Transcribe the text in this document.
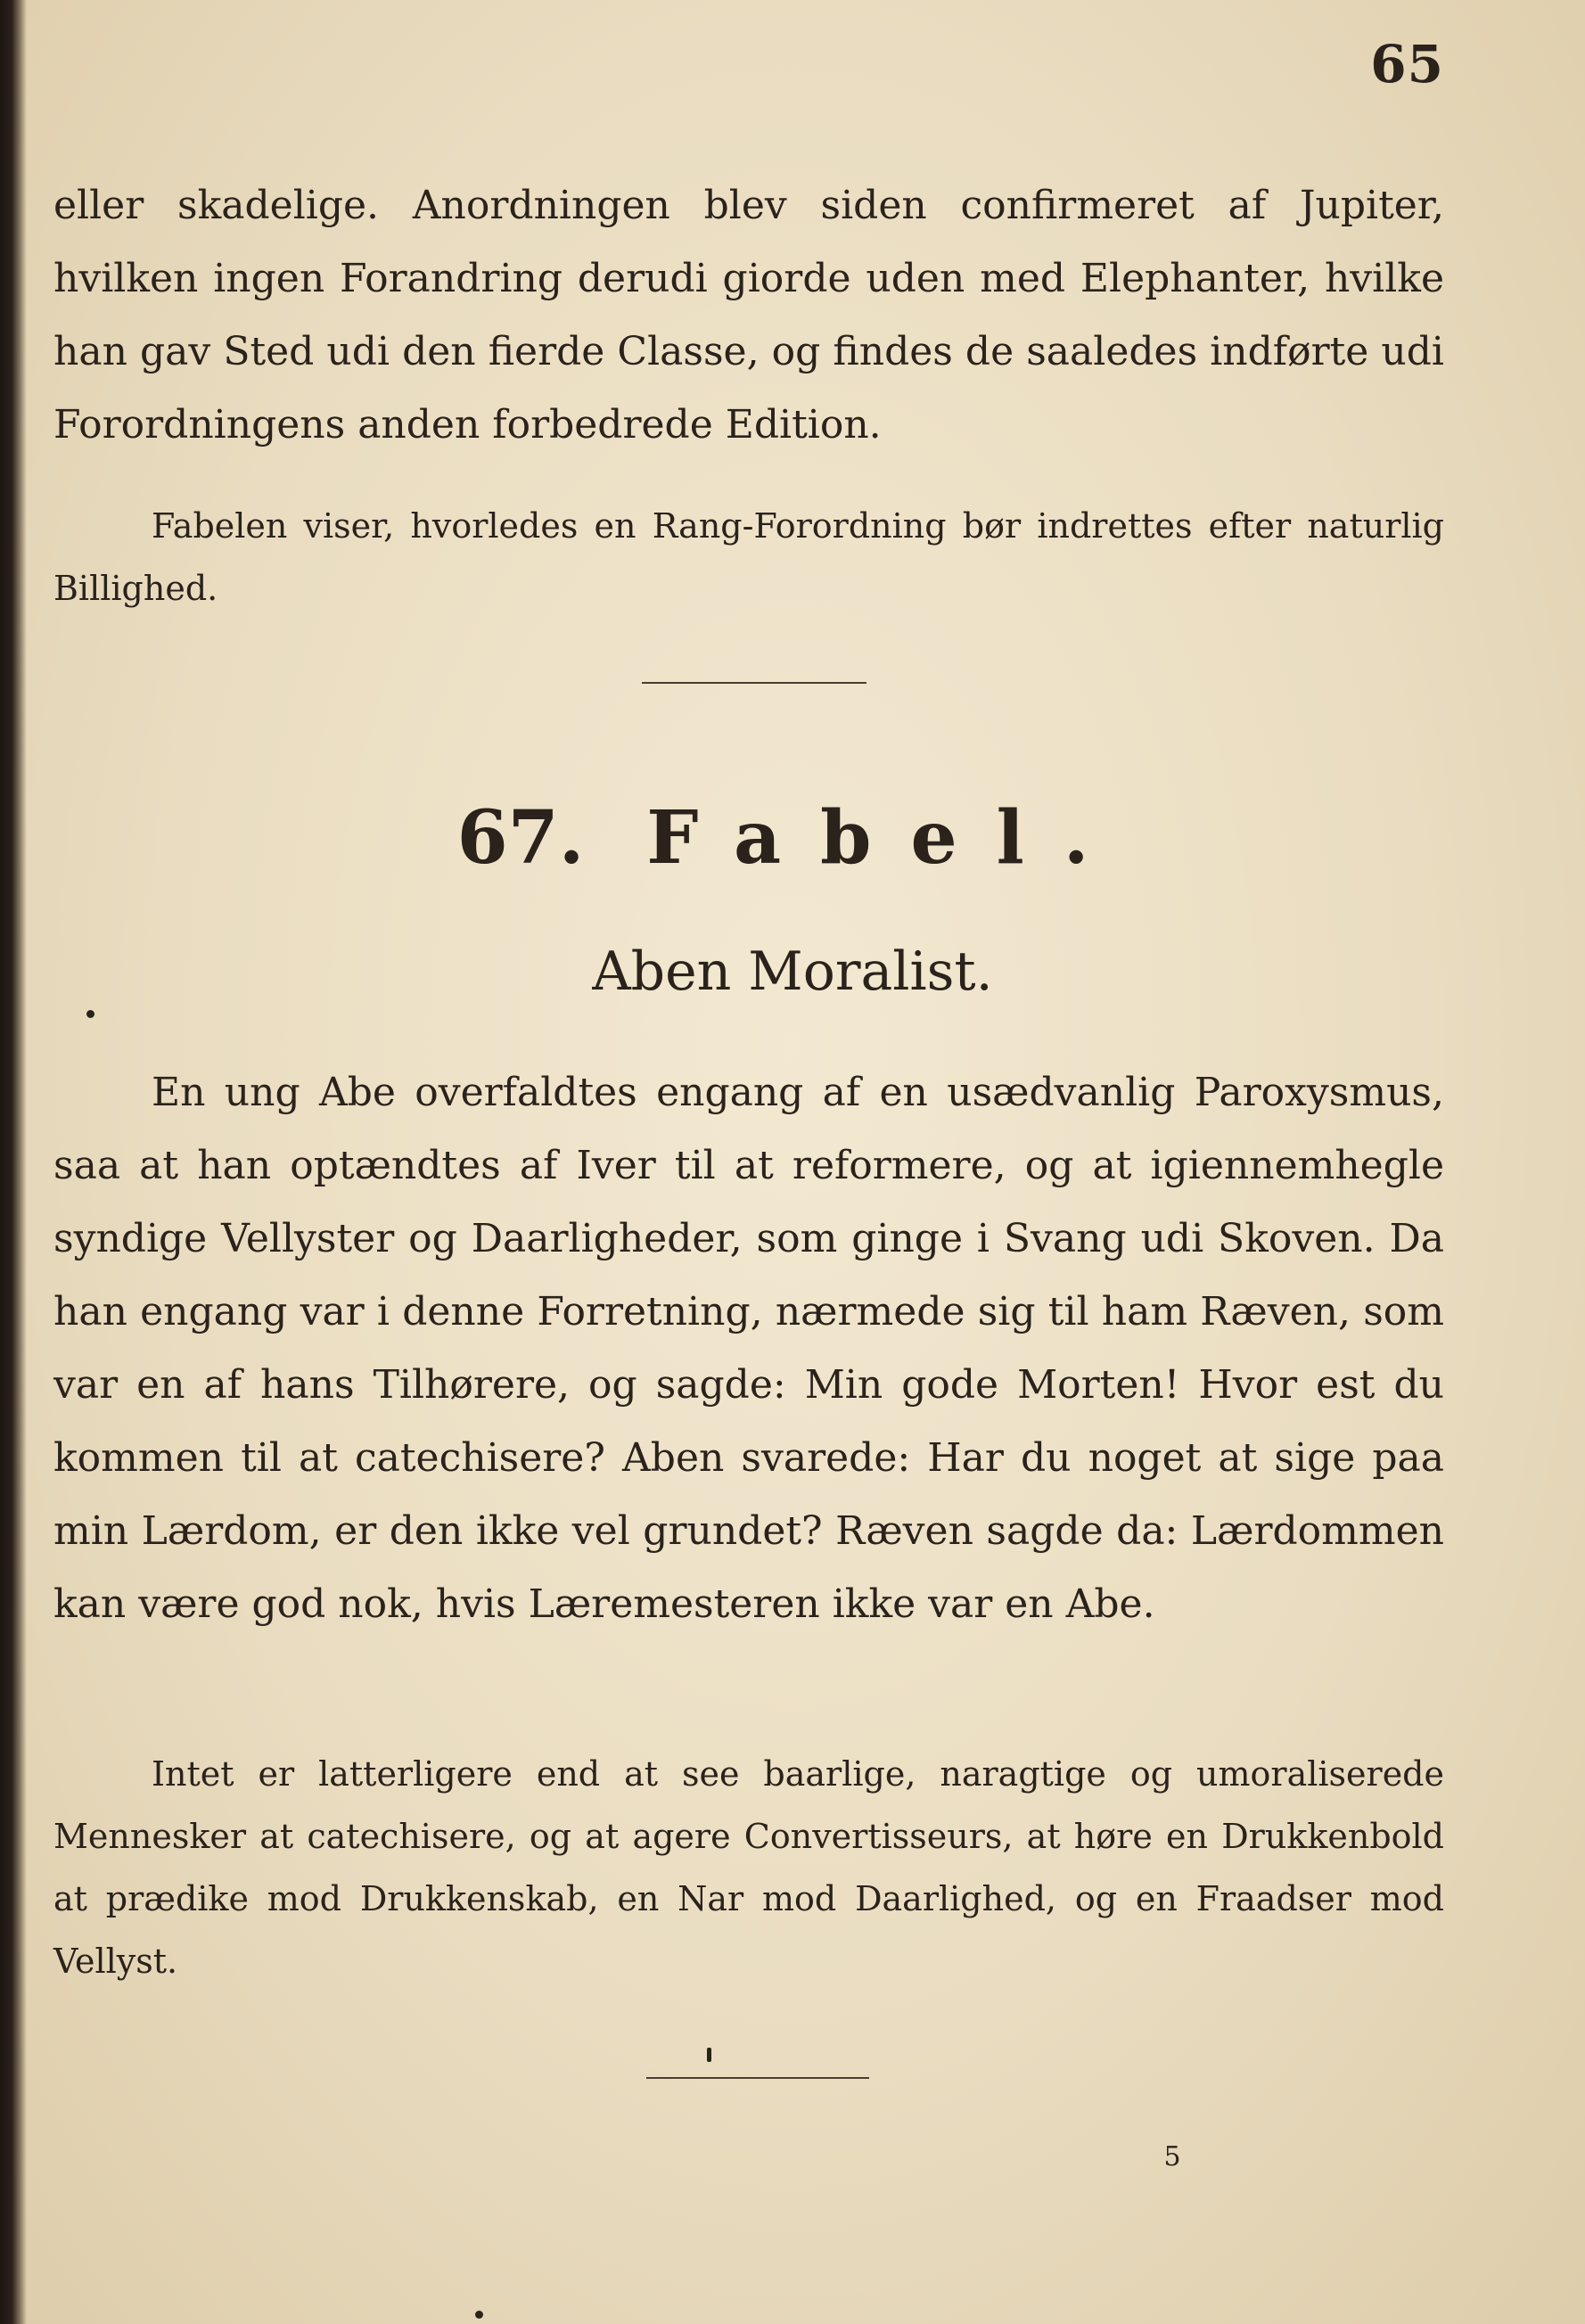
65

eller skadelige. Anordningen blev siden confirmeret af Jupiter, hvilken ingen Forandring derudi giorde uden med Elephanter, hvilke han gav Sted udi den fierde Classe, og findes de saaledes indførte udi Forordningens anden forbedrede Edition.

Fabelen viser, hvorledes en Rang-Forordning bør indrettes efter naturlig Billighed.

67. Fabel.
Aben Moralist.

En ung Abe overfaldtes engang af en usædvanlig Paroxysmus, saa at han optændtes af Iver til at reformere, og at igiennemhegle syndige Vellyster og Daarligheder, som ginge i Svang udi Skoven. Da han engang var i denne Forretning, nærmede sig til ham Ræven, som var en af hans Tilhørere, og sagde: Min gode Morten! Hvor est du kommen til at catechisere? Aben svarede: Har du noget at sige paa min Lærdom, er den ikke vel grundet? Ræven sagde da: Lærdommen kan være god nok, hvis Læremesteren ikke var en Abe.

Intet er latterligere end at see baarlige, naragtige og umoraliserede Mennesker at catechisere, og at agere Convertisseurs, at høre en Drukkenbold at prædike mod Drukkenskab, en Nar mod Daarlighed, og en Fraadser mod Vellyst.

5
